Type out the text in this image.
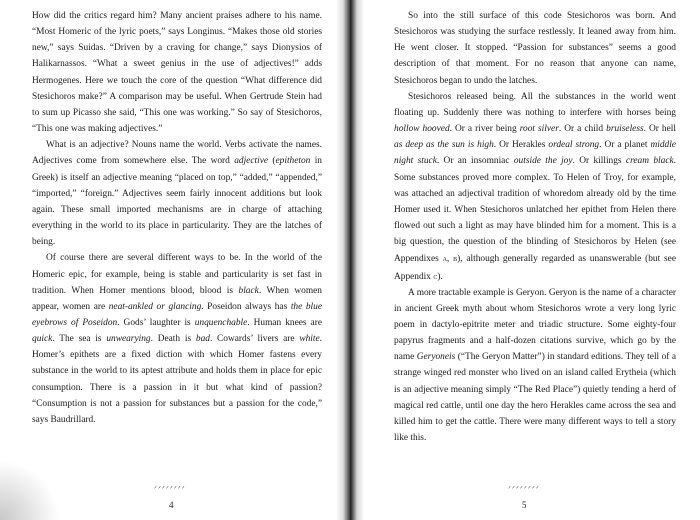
How did the critics regard him? Many ancient praises adhere to his name. “Most Homeric of the lyric poets,” says Longinus. “Makes those old stories new,” says Suidas. “Driven by a craving for change,” says Dionysios of Halikarnassos. “What a sweet genius in the use of adjectives!” adds Hermogenes. Here we touch the core of the question “What difference did Stesichoros make?” A comparison may be useful. When Gertrude Stein had to sum up Picasso she said, “This one was working.” So say of Stesichoros, “This one was making adjectives.”

What is an adjective? Nouns name the world. Verbs activate the names. Adjectives come from somewhere else. The word adjective (epitheton in Greek) is itself an adjective meaning “placed on top,” “added,” “appended,” “imported,” “foreign.” Adjectives seem fairly innocent additions but look again. These small imported mechanisms are in charge of attaching everything in the world to its place in particularity. They are the latches of being.

Of course there are several different ways to be. In the world of the Homeric epic, for example, being is stable and particularity is set fast in tradition. When Homer mentions blood, blood is black. When women appear, women are neat-ankled or glancing. Poseidon always has the blue eyebrows of Poseidon. Gods’ laughter is unquenchable. Human knees are quick. The sea is unwearying. Death is bad. Cowards’ livers are white. Homer’s epithets are a fixed diction with which Homer fastens every substance in the world to its aptest attribute and holds them in place for epic consumption. There is a passion in it but what kind of passion? “Consumption is not a passion for substances but a passion for the code,” says Baudrillard.

ᐟᐟᐟᐟᐟᐟᐟᐟ
4

So into the still surface of this code Stesichoros was born. And Stesichoros was studying the surface restlessly. It leaned away from him. He went closer. It stopped. “Passion for substances” seems a good description of that moment. For no reason that anyone can name, Stesichoros began to undo the latches.

Stesichoros released being. All the substances in the world went floating up. Suddenly there was nothing to interfere with horses being hollow hooved. Or a river being root silver. Or a child bruiseless. Or hell as deep as the sun is high. Or Herakles ordeal strong. Or a planet middle night stuck. Or an insomniac outside the joy. Or killings cream black. Some substances proved more complex. To Helen of Troy, for example, was attached an adjectival tradition of whoredom already old by the time Homer used it. When Stesichoros unlatched her epithet from Helen there flowed out such a light as may have blinded him for a moment. This is a big question, the question of the blinding of Stesichoros by Helen (see Appendixes a, b), although generally regarded as unanswerable (but see Appendix c).

A more tractable example is Geryon. Geryon is the name of a character in ancient Greek myth about whom Stesichoros wrote a very long lyric poem in dactylo-epitrite meter and triadic structure. Some eighty-four papyrus fragments and a half-dozen citations survive, which go by the name Geryoneis (“The Geryon Matter”) in standard editions. They tell of a strange winged red monster who lived on an island called Erytheia (which is an adjective meaning simply “The Red Place”) quietly tending a herd of magical red cattle, until one day the hero Herakles came across the sea and killed him to get the cattle. There were many different ways to tell a story like this.

ᐟᐟᐟᐟᐟᐟᐟᐟ
5
